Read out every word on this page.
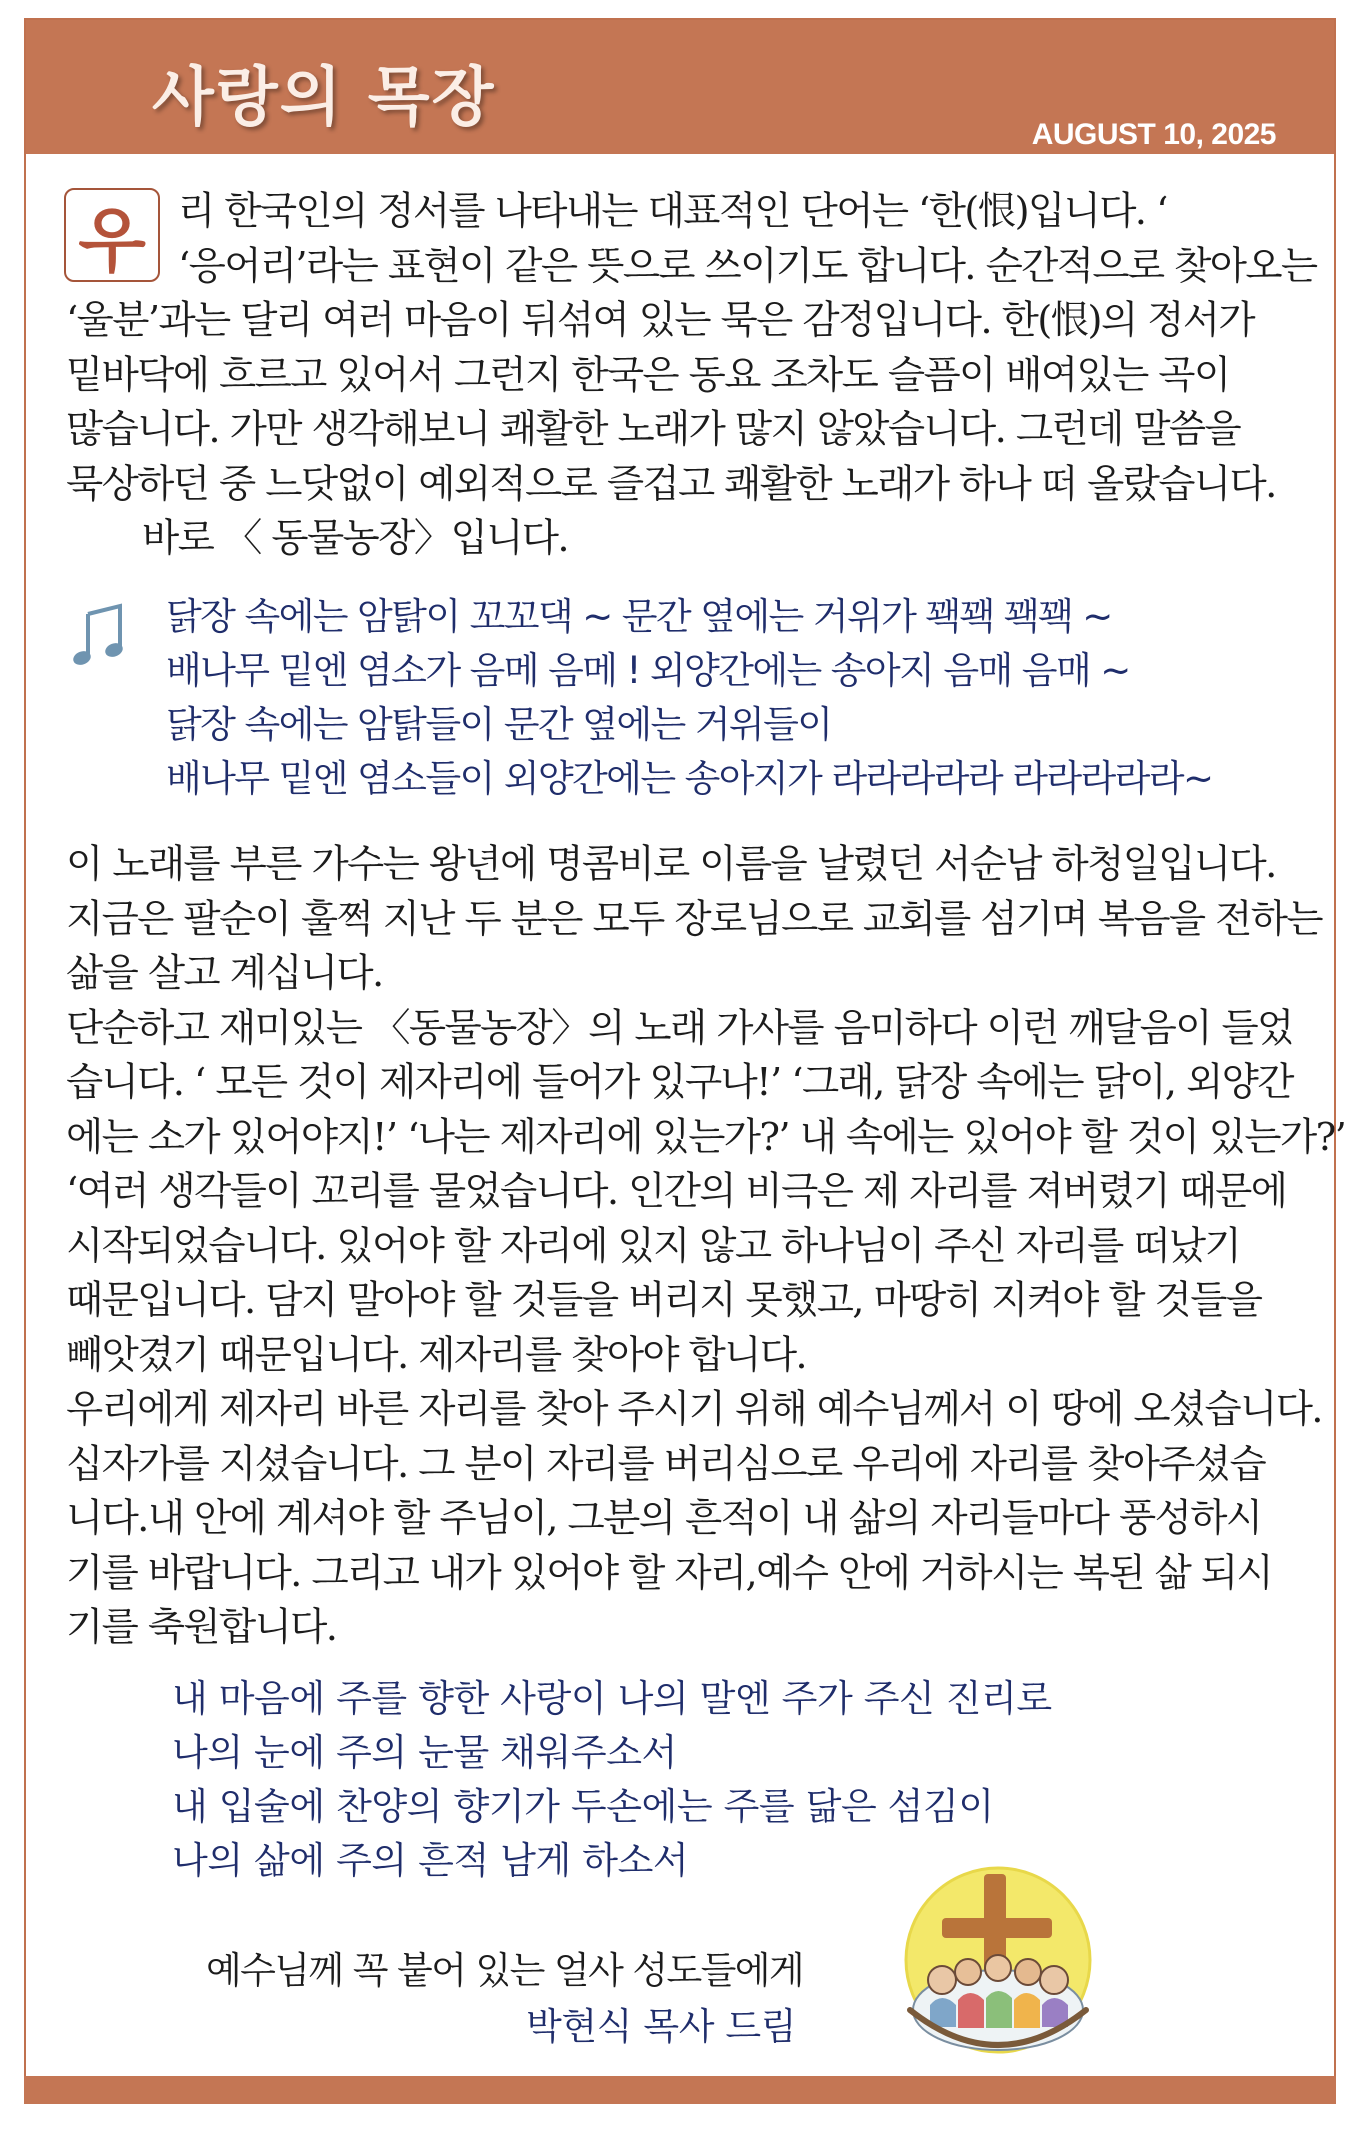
사랑의 목장	AUGUST 10, 2025
우 리 한국인의 정서를 나타내는 대표적인 단어는 ‘한(恨)입니다. ‘
‘응어리’라는 표현이 같은 뜻으로 쓰이기도 합니다. 순간적으로 찾아오는
‘울분’과는 달리 여러 마음이 뒤섞여 있는 묵은 감정입니다. 한(恨)의 정서가
밑바닥에 흐르고 있어서 그런지 한국은 동요 조차도 슬픔이 배여있는 곡이
많습니다. 가만 생각해보니 쾌활한 노래가 많지 않았습니다. 그런데 말씀을
묵상하던 중 느닷없이 예외적으로 즐겁고 쾌활한 노래가 하나 떠 올랐습니다.
바로 〈 동물농장〉입니다.
닭장 속에는 암탉이 꼬꼬댁 ~ 문간 옆에는 거위가 꽥꽥 꽥꽥 ~
배나무 밑엔 염소가 음메 음메 ! 외양간에는 송아지 음매 음매 ~
닭장 속에는 암탉들이 문간 옆에는 거위들이
배나무 밑엔 염소들이 외양간에는 송아지가 라라라라라 라라라라라~
이 노래를 부른 가수는 왕년에 명콤비로 이름을 날렸던 서순남 하청일입니다.
지금은 팔순이 훌쩍 지난 두 분은 모두 장로님으로 교회를 섬기며 복음을 전하는
삶을 살고 계십니다.
단순하고 재미있는 〈동물농장〉의 노래 가사를 음미하다 이런 깨달음이 들었
습니다. ‘ 모든 것이 제자리에 들어가 있구나!’ ‘그래, 닭장 속에는 닭이, 외양간
에는 소가 있어야지!’ ‘나는 제자리에 있는가?’ 내 속에는 있어야 할 것이 있는가?’
‘여러 생각들이 꼬리를 물었습니다. 인간의 비극은 제 자리를 져버렸기 때문에
시작되었습니다. 있어야 할 자리에 있지 않고 하나님이 주신 자리를 떠났기
때문입니다. 담지 말아야 할 것들을 버리지 못했고, 마땅히 지켜야 할 것들을
빼앗겼기 때문입니다. 제자리를 찾아야 합니다.
우리에게 제자리 바른 자리를 찾아 주시기 위해 예수님께서 이 땅에 오셨습니다.
십자가를 지셨습니다. 그 분이 자리를 버리심으로 우리에 자리를 찾아주셨습
니다.내 안에 계셔야 할 주님이, 그분의 흔적이 내 삶의 자리들마다 풍성하시
기를 바랍니다. 그리고 내가 있어야 할 자리,예수 안에 거하시는 복된 삶 되시
기를 축원합니다.
내 마음에 주를 향한 사랑이 나의 말엔 주가 주신 진리로
나의 눈에 주의 눈물 채워주소서
내 입술에 찬양의 향기가 두손에는 주를 닮은 섬김이
나의 삶에 주의 흔적 남게 하소서
예수님께 꼭 붙어 있는 얼사 성도들에게
박현식 목사 드림
